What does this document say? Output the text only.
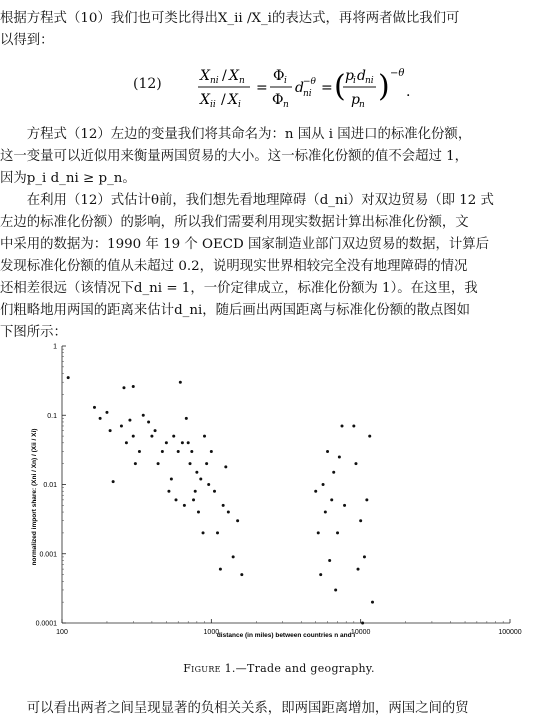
根据方程式（10）我们也可类比得出X_ii /X_i的表达式，再将两者做比我们可
以得到：
(12)	X ni / X n
X ii / X i
=
Φ i
Φ n
d ni
−θ = ( p i d ni
p n
) −θ
.
　　方程式（12）左边的变量我们将其命名为：n 国从 i 国进口的标准化份额，
这一变量可以近似用来衡量两国贸易的大小。这一标准化份额的值不会超过 1，
因为p_i d_ni ≥ p_n。
　　在利用（12）式估计θ前，我们想先看地理障碍（d_ni）对双边贸易（即 12 式
左边的标准化份额）的影响，所以我们需要利用现实数据计算出标准化份额，文
中采用的数据为：1990 年 19 个 OECD 国家制造业部门双边贸易的数据，计算后
发现标准化份额的值从未超过 0.2，说明现实世界相较完全没有地理障碍的情况
还相差很远（该情况下d_ni = 1，一价定律成立，标准化份额为 1）。在这里，我
们粗略地用两国的距离来估计d_ni，随后画出两国距离与标准化份额的散点图如
下图所示：
1
0.1
0.01
0.001
0.0001
100	1000	10000	100000
normalized import share: (Xni / Xn) / (Xii / Xi)
distance (in miles) between countries n and i
Figure 1.—Trade and geography.
　　可以看出两者之间呈现显著的负相关关系，即两国距离增加，两国之间的贸
